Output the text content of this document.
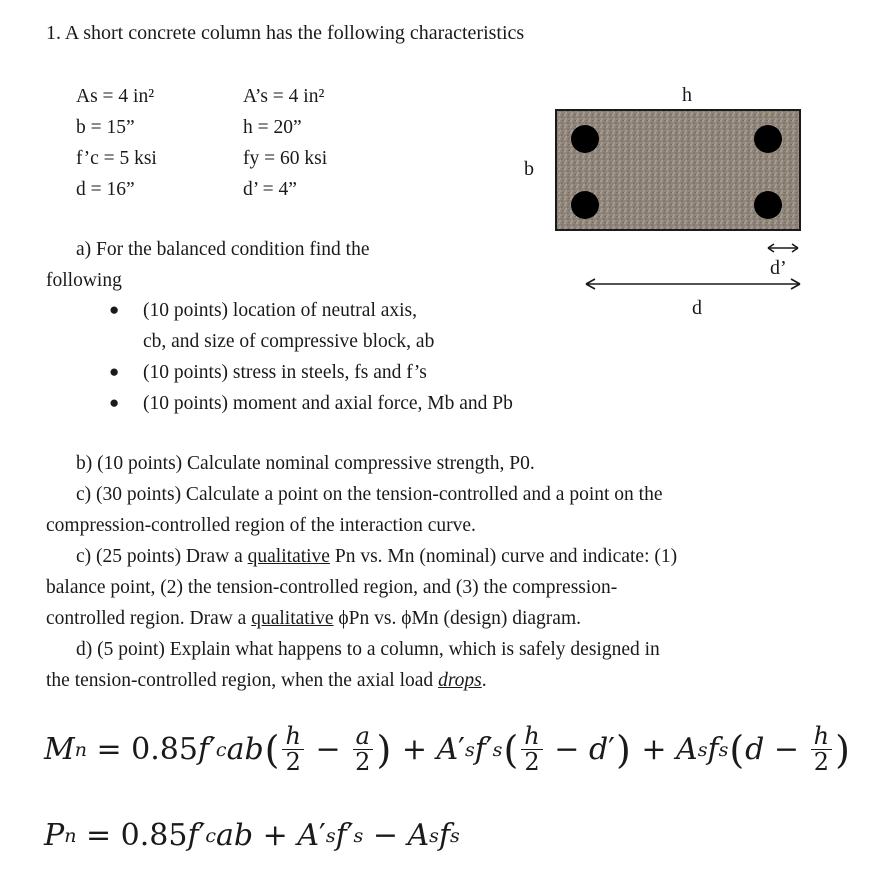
1. A short concrete column has the following characteristics
As = 4 in²
b = 15”
f’c = 5 ksi
d = 16”
A’s = 4 in²
h = 20”
fy = 60 ksi
d’ = 4”
h
b
d’
d
a) For the balanced condition find the
following
● (10 points) location of neutral axis,
cb, and size of compressive block, ab
● (10 points) stress in steels, fs and f’s
● (10 points) moment and axial force, Mb and Pb
b) (10 points) Calculate nominal compressive strength, P0.
c) (30 points) Calculate a point on the tension-controlled and a point on the
compression-controlled region of the interaction curve.
c) (25 points) Draw a qualitative Pn vs. Mn (nominal) curve and indicate: (1)
balance point, (2) the tension-controlled region, and (3) the compression-
controlled region. Draw a qualitative ϕPn vs. ϕMn (design) diagram.
d) (5 point) Explain what happens to a column, which is safely designed in
the tension-controlled region, when the axial load drops.
M n = 0.85 f ′ c ab ( $\frac{h}{2} - \frac{a}{2}$ ) + A ′ s f ′ s ( $\frac{h}{2} - d$ ′ ) + A s f s ( $d - \frac{h}{2}$ )
P n = 0.85 f ′ c ab + A ′ s f ′ s − A s f s
